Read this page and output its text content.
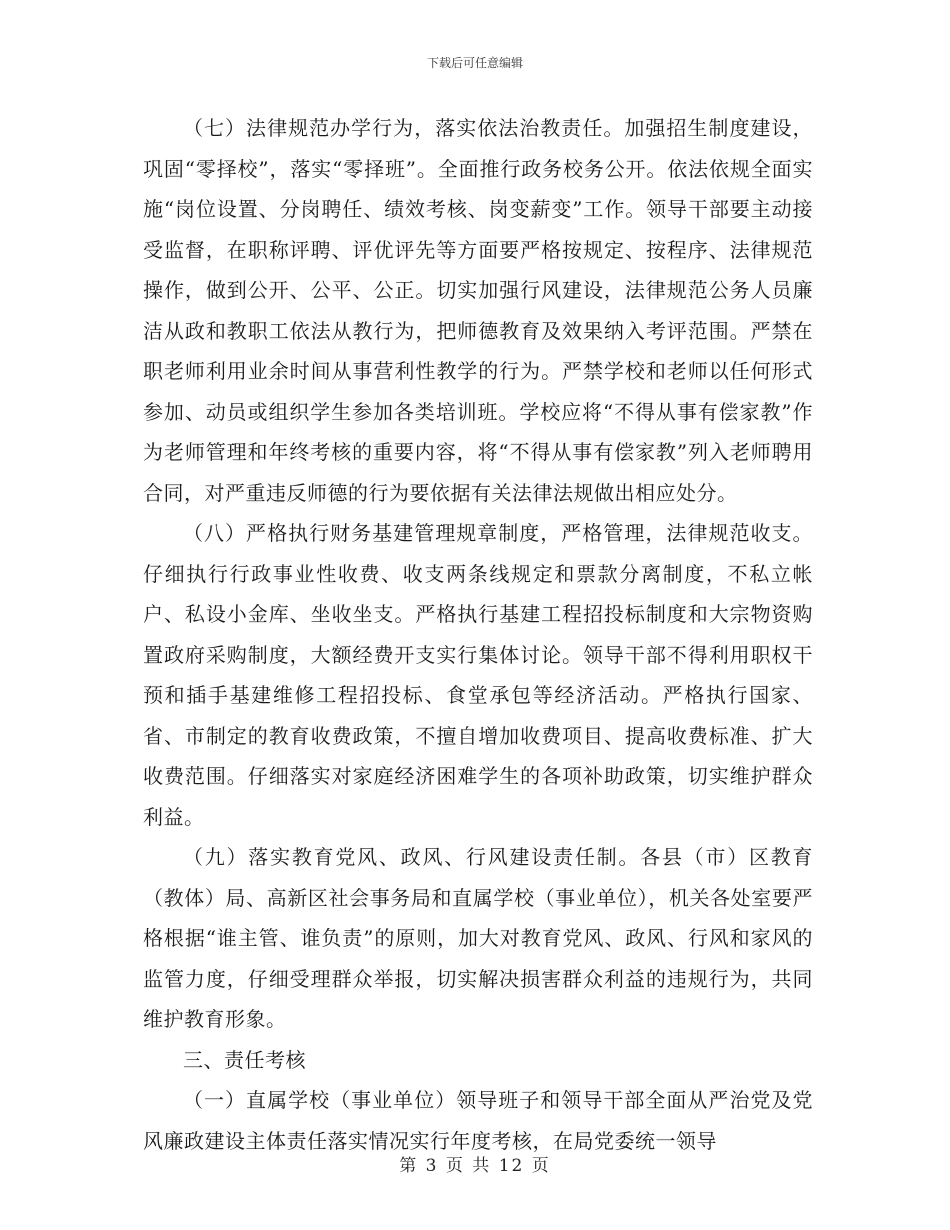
下载后可任意编辑

（七）法律规范办学行为，落实依法治教责任。加强招生制度建设，巩固“零择校”，落实“零择班”。全面推行政务校务公开。依法依规全面实施“岗位设置、分岗聘任、绩效考核、岗变薪变”工作。领导干部要主动接受监督，在职称评聘、评优评先等方面要严格按规定、按程序、法律规范操作，做到公开、公平、公正。切实加强行风建设，法律规范公务人员廉洁从政和教职工依法从教行为，把师德教育及效果纳入考评范围。严禁在职老师利用业余时间从事营利性教学的行为。严禁学校和老师以任何形式参加、动员或组织学生参加各类培训班。学校应将“不得从事有偿家教”作为老师管理和年终考核的重要内容，将“不得从事有偿家教”列入老师聘用合同，对严重违反师德的行为要依据有关法律法规做出相应处分。

（八）严格执行财务基建管理规章制度，严格管理，法律规范收支。仔细执行行政事业性收费、收支两条线规定和票款分离制度，不私立帐户、私设小金库、坐收坐支。严格执行基建工程招投标制度和大宗物资购置政府采购制度，大额经费开支实行集体讨论。领导干部不得利用职权干预和插手基建维修工程招投标、食堂承包等经济活动。严格执行国家、省、市制定的教育收费政策，不擅自增加收费项目、提高收费标准、扩大收费范围。仔细落实对家庭经济困难学生的各项补助政策，切实维护群众利益。

（九）落实教育党风、政风、行风建设责任制。各县（市）区教育（教体）局、高新区社会事务局和直属学校（事业单位），机关各处室要严格根据“谁主管、谁负责”的原则，加大对教育党风、政风、行风和家风的监管力度，仔细受理群众举报，切实解决损害群众利益的违规行为，共同维护教育形象。

三、责任考核

（一）直属学校（事业单位）领导班子和领导干部全面从严治党及党风廉政建设主体责任落实情况实行年度考核，在局党委统一领导

第 3 页 共 12 页
